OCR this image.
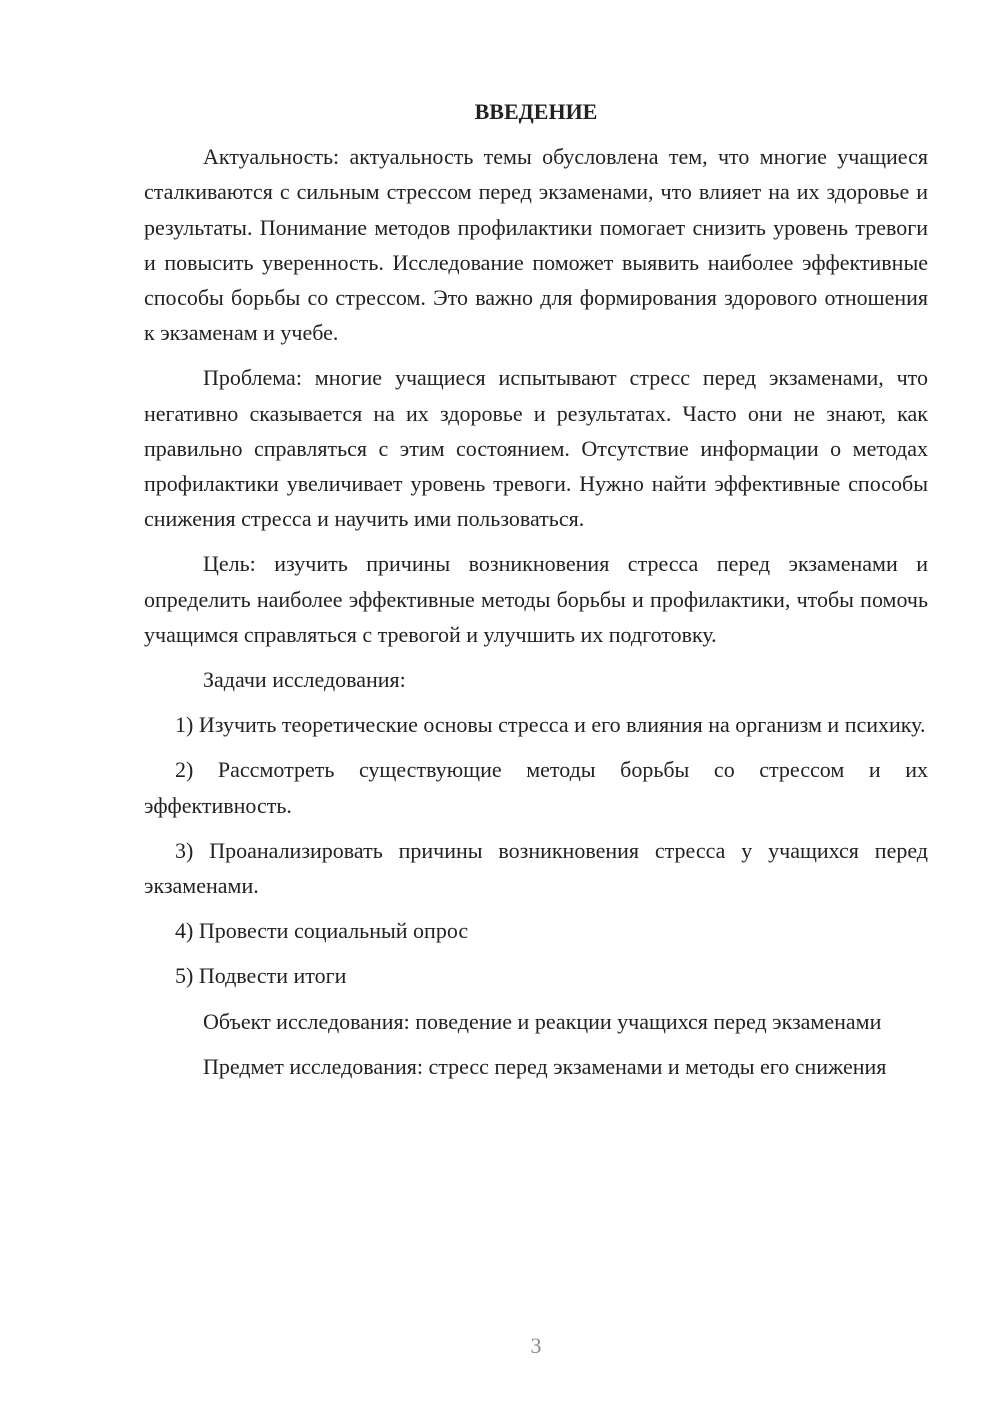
ВВЕДЕНИЕ

Актуальность: актуальность темы обусловлена тем, что многие учащиеся сталкиваются с сильным стрессом перед экзаменами, что влияет на их здоровье и результаты. Понимание методов профилактики помогает снизить уровень тревоги и повысить уверенность. Исследование поможет выявить наиболее эффективные способы борьбы со стрессом. Это важно для формирования здорового отношения к экзаменам и учебе.

Проблема: многие учащиеся испытывают стресс перед экзаменами, что негативно сказывается на их здоровье и результатах. Часто они не знают, как правильно справляться с этим состоянием. Отсутствие информации о методах профилактики увеличивает уровень тревоги. Нужно найти эффективные способы снижения стресса и научить ими пользоваться.

Цель: изучить причины возникновения стресса перед экзаменами и определить наиболее эффективные методы борьбы и профилактики, чтобы помочь учащимся справляться с тревогой и улучшить их подготовку.

Задачи исследования:

1) Изучить теоретические основы стресса и его влияния на организм и психику.

2) Рассмотреть существующие методы борьбы со стрессом и их эффективность.

3) Проанализировать причины возникновения стресса у учащихся перед экзаменами.

4) Провести социальный опрос

5) Подвести итоги

Объект исследования: поведение и реакции учащихся перед экзаменами

Предмет исследования: стресс перед экзаменами и методы его снижения

3
